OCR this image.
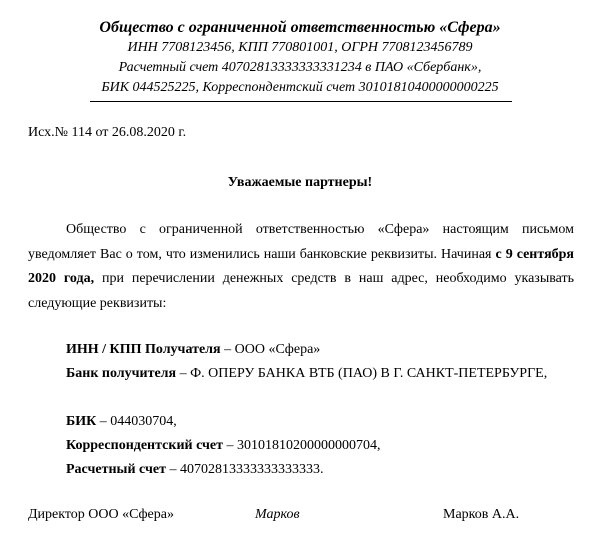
Общество с ограниченной ответственностью «Сфера»
ИНН 7708123456, КПП 770801001, ОГРН 7708123456789
Расчетный счет 40702813333333331234 в ПАО «Сбербанк»,
БИК 044525225, Корреспондентский счет 30101810400000000225
Исх.№ 114 от 26.08.2020 г.
Уважаемые партнеры!
Общество с ограниченной ответственностью «Сфера» настоящим письмом уведомляет Вас о том, что изменились наши банковские реквизиты. Начиная с 9 сентября 2020 года, при перечислении денежных средств в наш адрес, необходимо указывать следующие реквизиты:
ИНН / КПП Получателя – ООО «Сфера»
Банк получителя – Ф. ОПЕРУ БАНКА ВТБ (ПАО) В Г. САНКТ-ПЕТЕРБУРГЕ,
БИК – 044030704,
Корреспондентский счет – 30101810200000000704,
Расчетный счет – 40702813333333333333.
Директор ООО «Сфера»	Марков	Марков А.А.
